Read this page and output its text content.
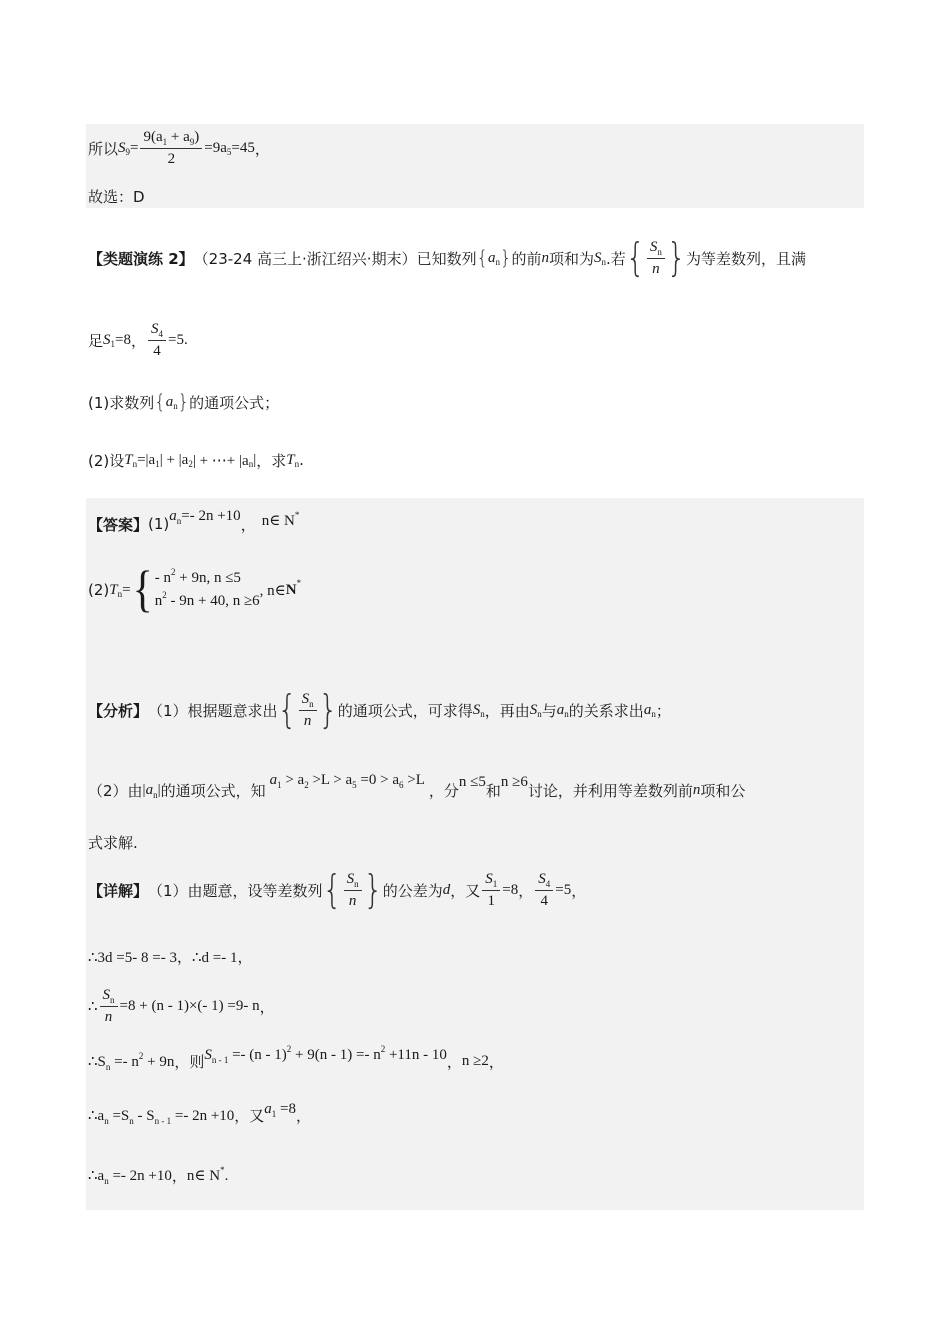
所以 S $9 = \frac{9(a_1 + a_9)}{2} =9a$ 5 =45 ，
故选：D
【类题演练 2】 （23-24 高三上·浙江绍兴·期末） 已知数列 { a n } 的前 n 项和为 S n .若 { $\frac{S_n}{n}$ } 为等差数列，且满
足 S 1 =8 ， $\frac{S_4}{4} =5$.
(1)求数列 { a n } 的通项公式；
(2)设 T n =|a 1 | + |a 2 | + ⋯+ |a n | ，求 T n .
【答案】 (1) $a_n=-$ 2n +10 ， n∈ N*
(2) T n = { - $n^2 + 9n$, n ≤5
$n^2 - 9n + 40$, n ≥6
, n∈ N *
【分析】 （1）根据题意求出 { $\frac{S_n}{n}$ } 的通项公式，可求得 S n ，再由 S n 与 a n 的关系求出 a n ；
（2）由 $|a_n|$ 的通项公式，知
$a_1 > a_2 >L > a_5 =0 > a_6 >L$
，分 n ≤5 和 n ≥6 讨论，并利用等差数列前 n 项和公
式求解.
【详解】 （1）由题意，设等差数列 { $\frac{S_n}{n}$ } 的公差为 d ，又 $\frac{S_1}{1} =8$ ， $\frac{S_4}{4} =5$ ，
∴3d =5- 8 =- 3，∴d =- 1，
∴ $\frac{S_n}{n} =8 + (n - 1)\times(-$ 1) =9- n ，
$\therefore S_n =- n^2 + 9n$ ，则 $S_{n - 1} =- (n - 1)^2 + 9(n - 1) =- n^2 +11n - 10$ ， n ≥2 ，
$\therefore a_n =S_n - S_{n - 1} =- 2n +10$ ，又 $a_1 =8$ ，
$\therefore a_n =- 2n +10$ ， n∈ N*.
